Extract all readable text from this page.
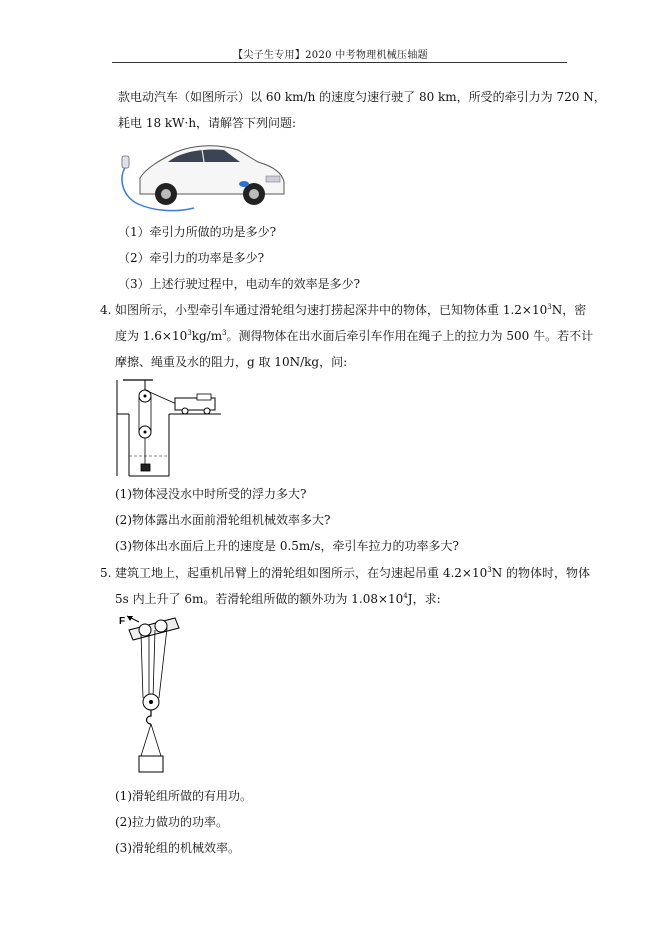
【尖子生专用】2020 中考物理机械压轴题
款电动汽车（如图所示）以 60 km/h 的速度匀速行驶了 80 km，所受的牵引力为 720 N，
耗电 18 kW·h，请解答下列问题:
（1）牵引力所做的功是多少?
（2）牵引力的功率是多少?
（3）上述行驶过程中，电动车的效率是多少?
4. 如图所示，小型牵引车通过滑轮组匀速打捞起深井中的物体，已知物体重 $1.2\times 10^3N$，密
度为 $1.6\times 10^3kg/m^3$。测得物体在出水面后牵引车作用在绳子上的拉力为 500 牛。若不计
摩擦、绳重及水的阻力，g 取 10N/kg，问:
(1)物体浸没水中时所受的浮力多大?
(2)物体露出水面前滑轮组机械效率多大?
(3)物体出水面后上升的速度是 0.5m/s，牵引车拉力的功率多大?
5. 建筑工地上，起重机吊臂上的滑轮组如图所示，在匀速起吊重 $4.2\times 10^3N$ 的物体时，物体
5s 内上升了 6m。若滑轮组所做的额外功为 $1.08\times 10^4J$，求:
F
(1)滑轮组所做的有用功。
(2)拉力做功的功率。
(3)滑轮组的机械效率。
